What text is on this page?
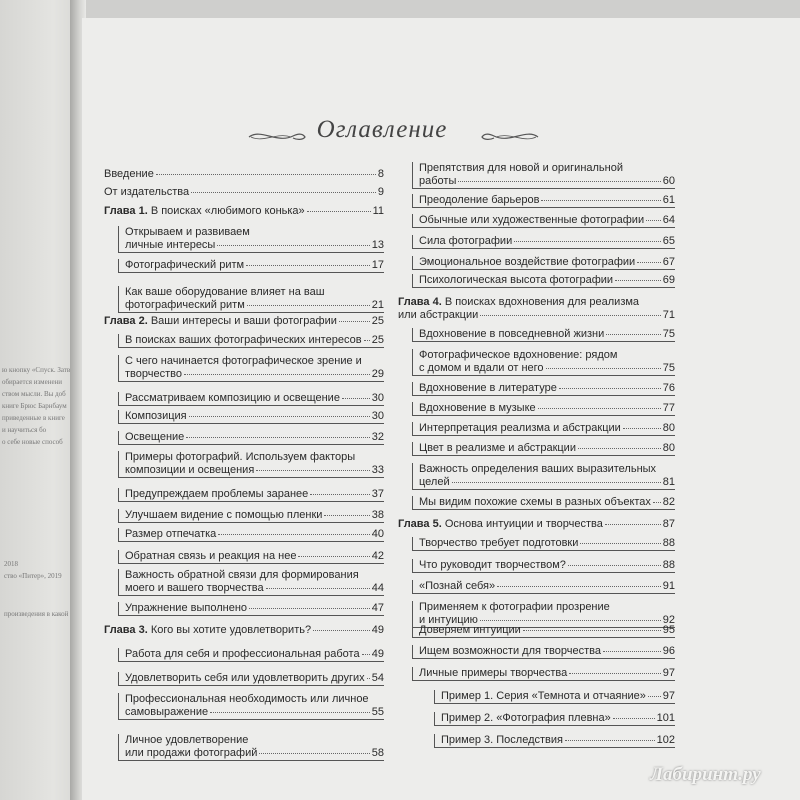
ю кнопку «Спуск. Затв
обирается изменени
ством мысли. Вы доб
книге Брюс Барнбаум
приведенные в книге
и научиться бо
о себе новые способ
2018
ство «Питер», 2019
произведения в какой
Оглавление
Введение	8
От издательства	9
Глава 1.
В поисках «любимого конька»	11
Открываем и развиваем
личные интересы	13
Фотографический ритм	17
Как ваше оборудование влияет на ваш
фотографический ритм	21
Глава 2.
Ваши интересы и ваши фотографии	25
В поисках ваших фотографических интересов 25
С чего начинается фотографическое зрение и
творчество	29
Рассматриваем композицию и освещение	30
Композиция	30
Освещение	32
Примеры фотографий. Используем факторы
композиции и освещения	33
Предупреждаем проблемы заранее	37
Улучшаем видение с помощью пленки	38
Размер отпечатка	40
Обратная связь и реакция на нее	42
Важность обратной связи для формирования
моего и вашего творчества	44
Упражнение выполнено	47
Глава 3.
Кого вы хотите удовлетворить?	49
Работа для себя и профессиональная работа 49
Удовлетворить себя или удовлетворить других 54
Профессиональная необходимость или личное
самовыражение	55
Личное удовлетворение
или продажи фотографий	58
Препятствия для новой и оригинальной
работы	60
Преодоление барьеров	61
Обычные или художественные фотографии 64
Сила фотографии	65
Эмоциональное воздействие фотографии	67
Психологическая высота фотографии	69
Глава 4.
В поисках вдохновения для реализма
или абстракции	71
Вдохновение в повседневной жизни	75
Фотографическое вдохновение: рядом
с домом и вдали от него	75
Вдохновение в литературе	76
Вдохновение в музыке	77
Интерпретация реализма и абстракции	80
Цвет в реализме и абстракции	80
Важность определения ваших выразительных
целей	81
Мы видим похожие схемы в разных объектах 82
Глава 5.
Основа интуиции и творчества	87
Творчество требует подготовки	88
Что руководит творчеством?	88
«Познай себя»	91
Применяем к фотографии прозрение
и интуицию	92
Доверяем интуиции	95
Ищем возможности для творчества	96
Личные примеры творчества	97
Пример 1. Серия «Темнота и отчаяние» 97
Пример 2. «Фотография плевна»	101
Пример 3. Последствия	102
Лабиринт.ру
